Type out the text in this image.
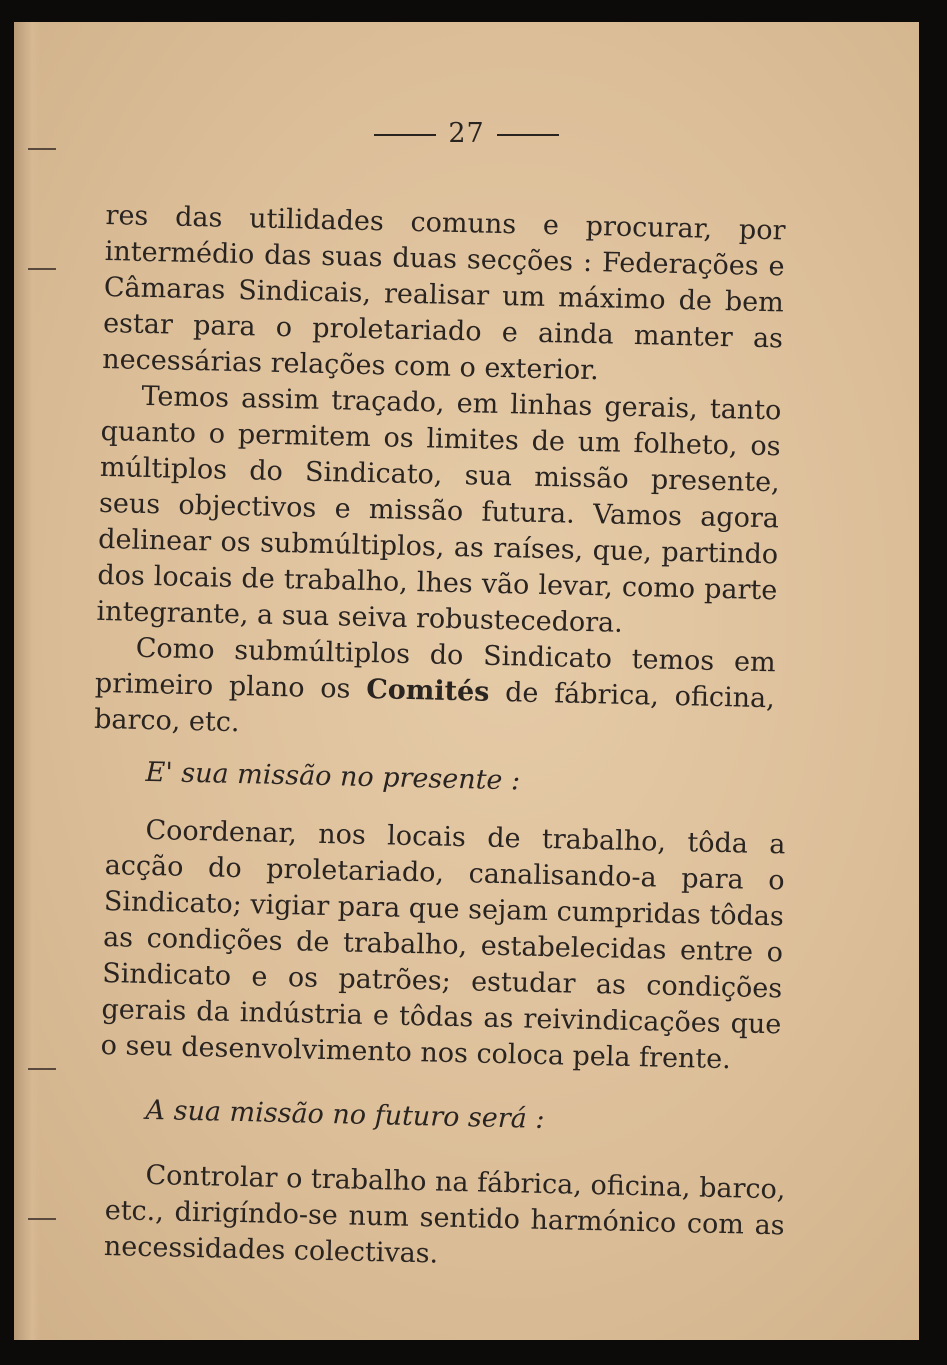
27

res das utilidades comuns e procurar, por intermédio das suas duas secções : Federações e Câmaras Sindicais, realisar um máximo de bem estar para o proletariado e ainda manter as necessárias relações com o exterior.

Temos assim traçado, em linhas gerais, tanto quanto o permitem os limites de um folheto, os múltiplos do Sindicato, sua missão presente, seus objectivos e missão futura. Vamos agora delinear os submúltiplos, as raíses, que, partindo dos locais de trabalho, lhes vão levar, como parte integrante, a sua seiva robustecedora.

Como submúltiplos do Sindicato temos em primeiro plano os Comités de fábrica, oficina, barco, etc.

E' sua missão no presente :

Coordenar, nos locais de trabalho, tôda a acção do proletariado, canalisando-a para o Sindicato; vigiar para que sejam cumpridas tôdas as condições de trabalho, estabelecidas entre o Sindicato e os patrões; estudar as condições gerais da indústria e tôdas as reivindicações que o seu desenvolvimento nos coloca pela frente.

A sua missão no futuro será :

Controlar o trabalho na fábrica, oficina, barco, etc., dirigíndo-se num sentido harmónico com as necessidades colectivas.
